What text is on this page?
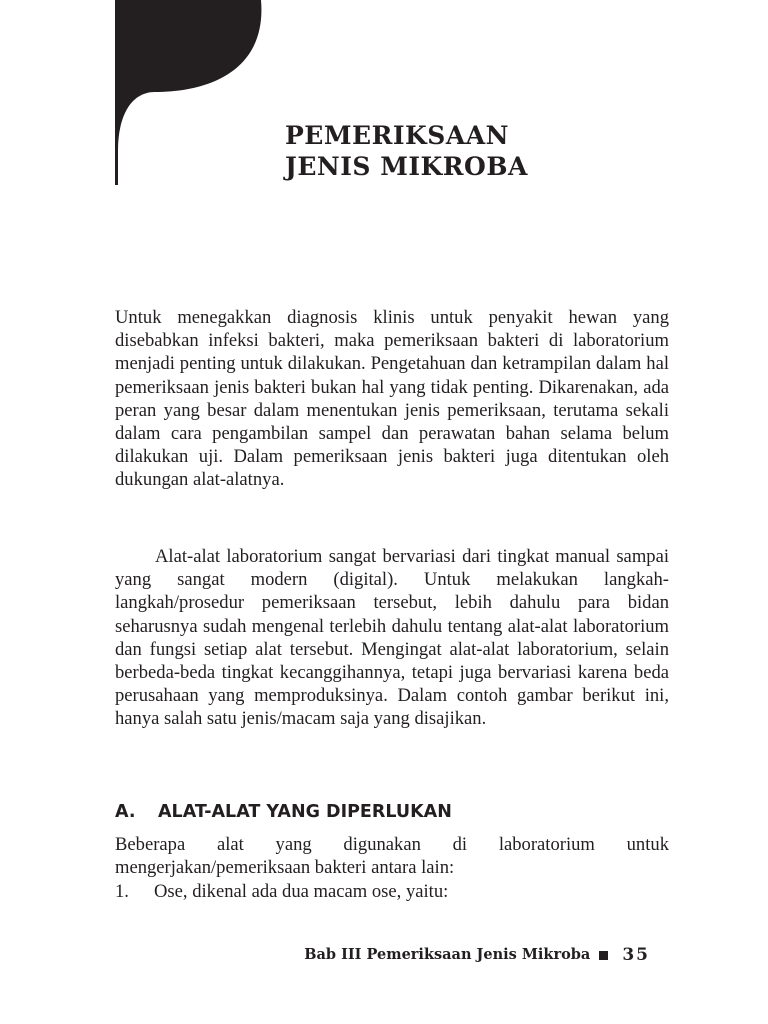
BAB
III
PEMERIKSAAN
JENIS MIKROBA

Untuk menegakkan diagnosis klinis untuk penyakit hewan yang disebabkan infeksi bakteri, maka pemeriksaan bakteri di laboratorium menjadi penting untuk dilakukan. Pengetahuan dan ketrampilan dalam hal pemeriksaan jenis bakteri bukan hal yang tidak penting. Dikarenakan, ada peran yang besar dalam menentukan jenis pemeriksaan, terutama sekali dalam cara pengambilan sampel dan perawatan bahan selama belum dilakukan uji. Dalam pemeriksaan jenis bakteri juga ditentukan oleh dukungan alat-alatnya.

Alat-alat laboratorium sangat bervariasi dari tingkat manual sampai yang sangat modern (digital). Untuk melakukan langkah-langkah/prosedur pemeriksaan tersebut, lebih dahulu para bidan seharusnya sudah mengenal terlebih dahulu tentang alat-alat laboratorium dan fungsi setiap alat tersebut. Mengingat alat-alat laboratorium, selain berbeda-beda tingkat kecanggihannya, tetapi juga bervariasi karena beda perusahaan yang memproduksinya. Dalam contoh gambar berikut ini, hanya salah satu jenis/macam saja yang disajikan.

A. ALAT-ALAT YANG DIPERLUKAN

Beberapa alat yang digunakan di laboratorium untuk mengerjakan/pemeriksaan bakteri antara lain:

1. Ose, dikenal ada dua macam ose, yaitu:
Bab III Pemeriksaan Jenis Mikroba 35
